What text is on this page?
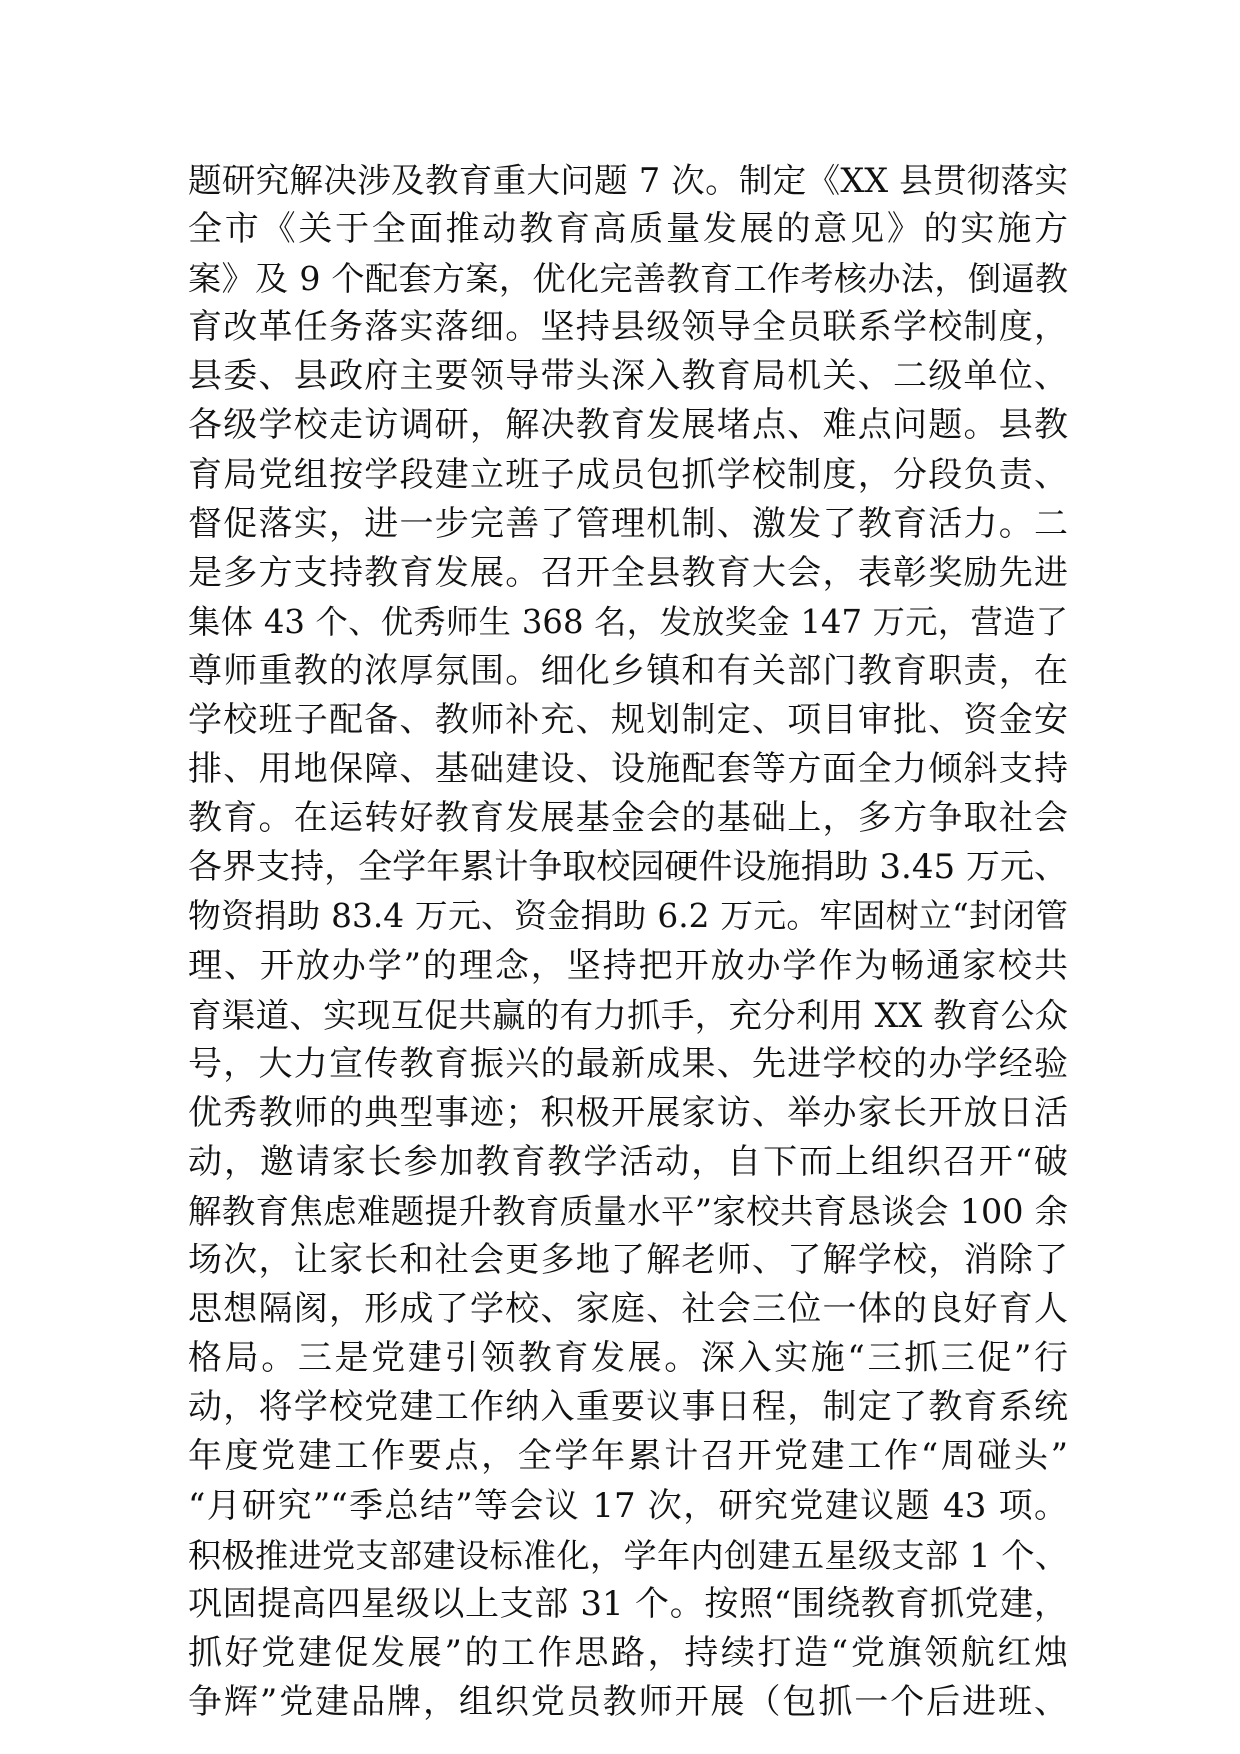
题研究解决涉及教育重大问题 7 次。制定《XX 县贯彻落实
全市《关于全面推动教育高质量发展的意见》的实施方
案》及 9 个配套方案，优化完善教育工作考核办法，倒逼教
育改革任务落实落细。坚持县级领导全员联系学校制度，
县委、县政府主要领导带头深入教育局机关、二级单位、
各级学校走访调研，解决教育发展堵点、难点问题。县教
育局党组按学段建立班子成员包抓学校制度，分段负责、
督促落实，进一步完善了管理机制、激发了教育活力。二
是多方支持教育发展。召开全县教育大会，表彰奖励先进
集体 43 个、优秀师生 368 名，发放奖金 147 万元，营造了
尊师重教的浓厚氛围。细化乡镇和有关部门教育职责，在
学校班子配备、教师补充、规划制定、项目审批、资金安
排、用地保障、基础建设、设施配套等方面全力倾斜支持
教育。在运转好教育发展基金会的基础上，多方争取社会
各界支持，全学年累计争取校园硬件设施捐助 3.45 万元、
物资捐助 83.4 万元、资金捐助 6.2 万元。牢固树立“封闭管
理、开放办学”的理念，坚持把开放办学作为畅通家校共
育渠道、实现互促共赢的有力抓手，充分利用 XX 教育公众
号，大力宣传教育振兴的最新成果、先进学校的办学经验
优秀教师的典型事迹；积极开展家访、举办家长开放日活
动，邀请家长参加教育教学活动，自下而上组织召开“破
解教育焦虑难题提升教育质量水平”家校共育恳谈会 100 余
场次，让家长和社会更多地了解老师、了解学校，消除了
思想隔阂，形成了学校、家庭、社会三位一体的良好育人
格局。三是党建引领教育发展。深入实施“三抓三促”行
动，将学校党建工作纳入重要议事日程，制定了教育系统
年度党建工作要点，全学年累计召开党建工作“周碰头”
“月研究”“季总结”等会议 17 次，研究党建议题 43 项。
积极推进党支部建设标准化，学年内创建五星级支部 1 个、
巩固提高四星级以上支部 31 个。按照“围绕教育抓党建，
抓好党建促发展”的工作思路，持续打造“党旗领航红烛
争辉”党建品牌，组织党员教师开展（包抓一个后进班、
